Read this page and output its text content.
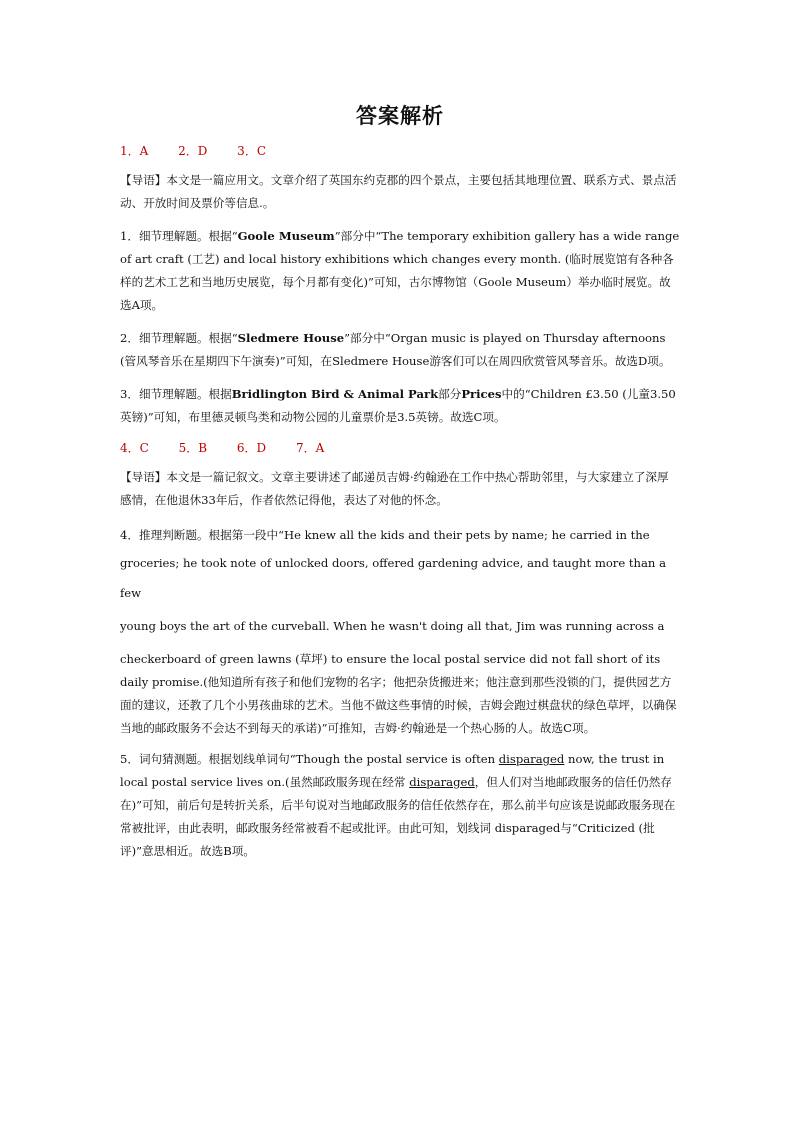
答案解析
1．A　 2．D　 3．C

【导语】本文是一篇应用文。文章介绍了英国东约克郡的四个景点，主要包括其地理位置、联系方式、景点活动、开放时间及票价等信息.。

1．细节理解题。根据“Goole Museum”部分中“The temporary exhibition gallery has a wide range of art craft (工艺) and local history exhibitions which changes every month. (临时展览馆有各种各样的艺术工艺和当地历史展览，每个月都有变化)”可知，古尔博物馆（Goole Museum）举办临时展览。故选A项。

2．细节理解题。根据“Sledmere House”部分中“Organ music is played on Thursday afternoons (管风琴音乐在星期四下午演奏)”可知，在Sledmere House游客们可以在周四欣赏管风琴音乐。故选D项。

3．细节理解题。根据Bridlington Bird & Animal Park部分Prices中的“Children £3.50 (儿童3.50英镑)”可知，布里德灵顿鸟类和动物公园的儿童票价是3.5英镑。故选C项。

4．C　 5．B　 6．D　 7．A

【导语】本文是一篇记叙文。文章主要讲述了邮递员吉姆·约翰逊在工作中热心帮助邻里，与大家建立了深厚感情，在他退休33年后，作者依然记得他，表达了对他的怀念。

4．推理判断题。根据第一段中“He knew all the kids and their pets by name; he carried in the
groceries; he took note of unlocked doors, offered gardening advice, and taught more than a few
young boys the art of the curveball. When he wasn't doing all that, Jim was running across a
checkerboard of green lawns (草坪) to ensure the local postal service did not fall short of its daily promise.(他知道所有孩子和他们宠物的名字；他把杂货搬进来；他注意到那些没锁的门，提供园艺方面的建议，还教了几个小男孩曲球的艺术。当他不做这些事情的时候，吉姆会跑过棋盘状的绿色草坪，以确保当地的邮政服务不会达不到每天的承诺)”可推知，吉姆·约翰逊是一个热心肠的人。故选C项。

5．词句猜测题。根据划线单词句“Though the postal service is often disparaged now, the trust in local postal service lives on.(虽然邮政服务现在经常 disparaged，但人们对当地邮政服务的信任仍然存在)”可知，前后句是转折关系，后半句说对当地邮政服务的信任依然存在，那么前半句应该是说邮政服务现在常被批评，由此表明，邮政服务经常被看不起或批评。由此可知，划线词 disparaged与“Criticized (批评)”意思相近。故选B项。
